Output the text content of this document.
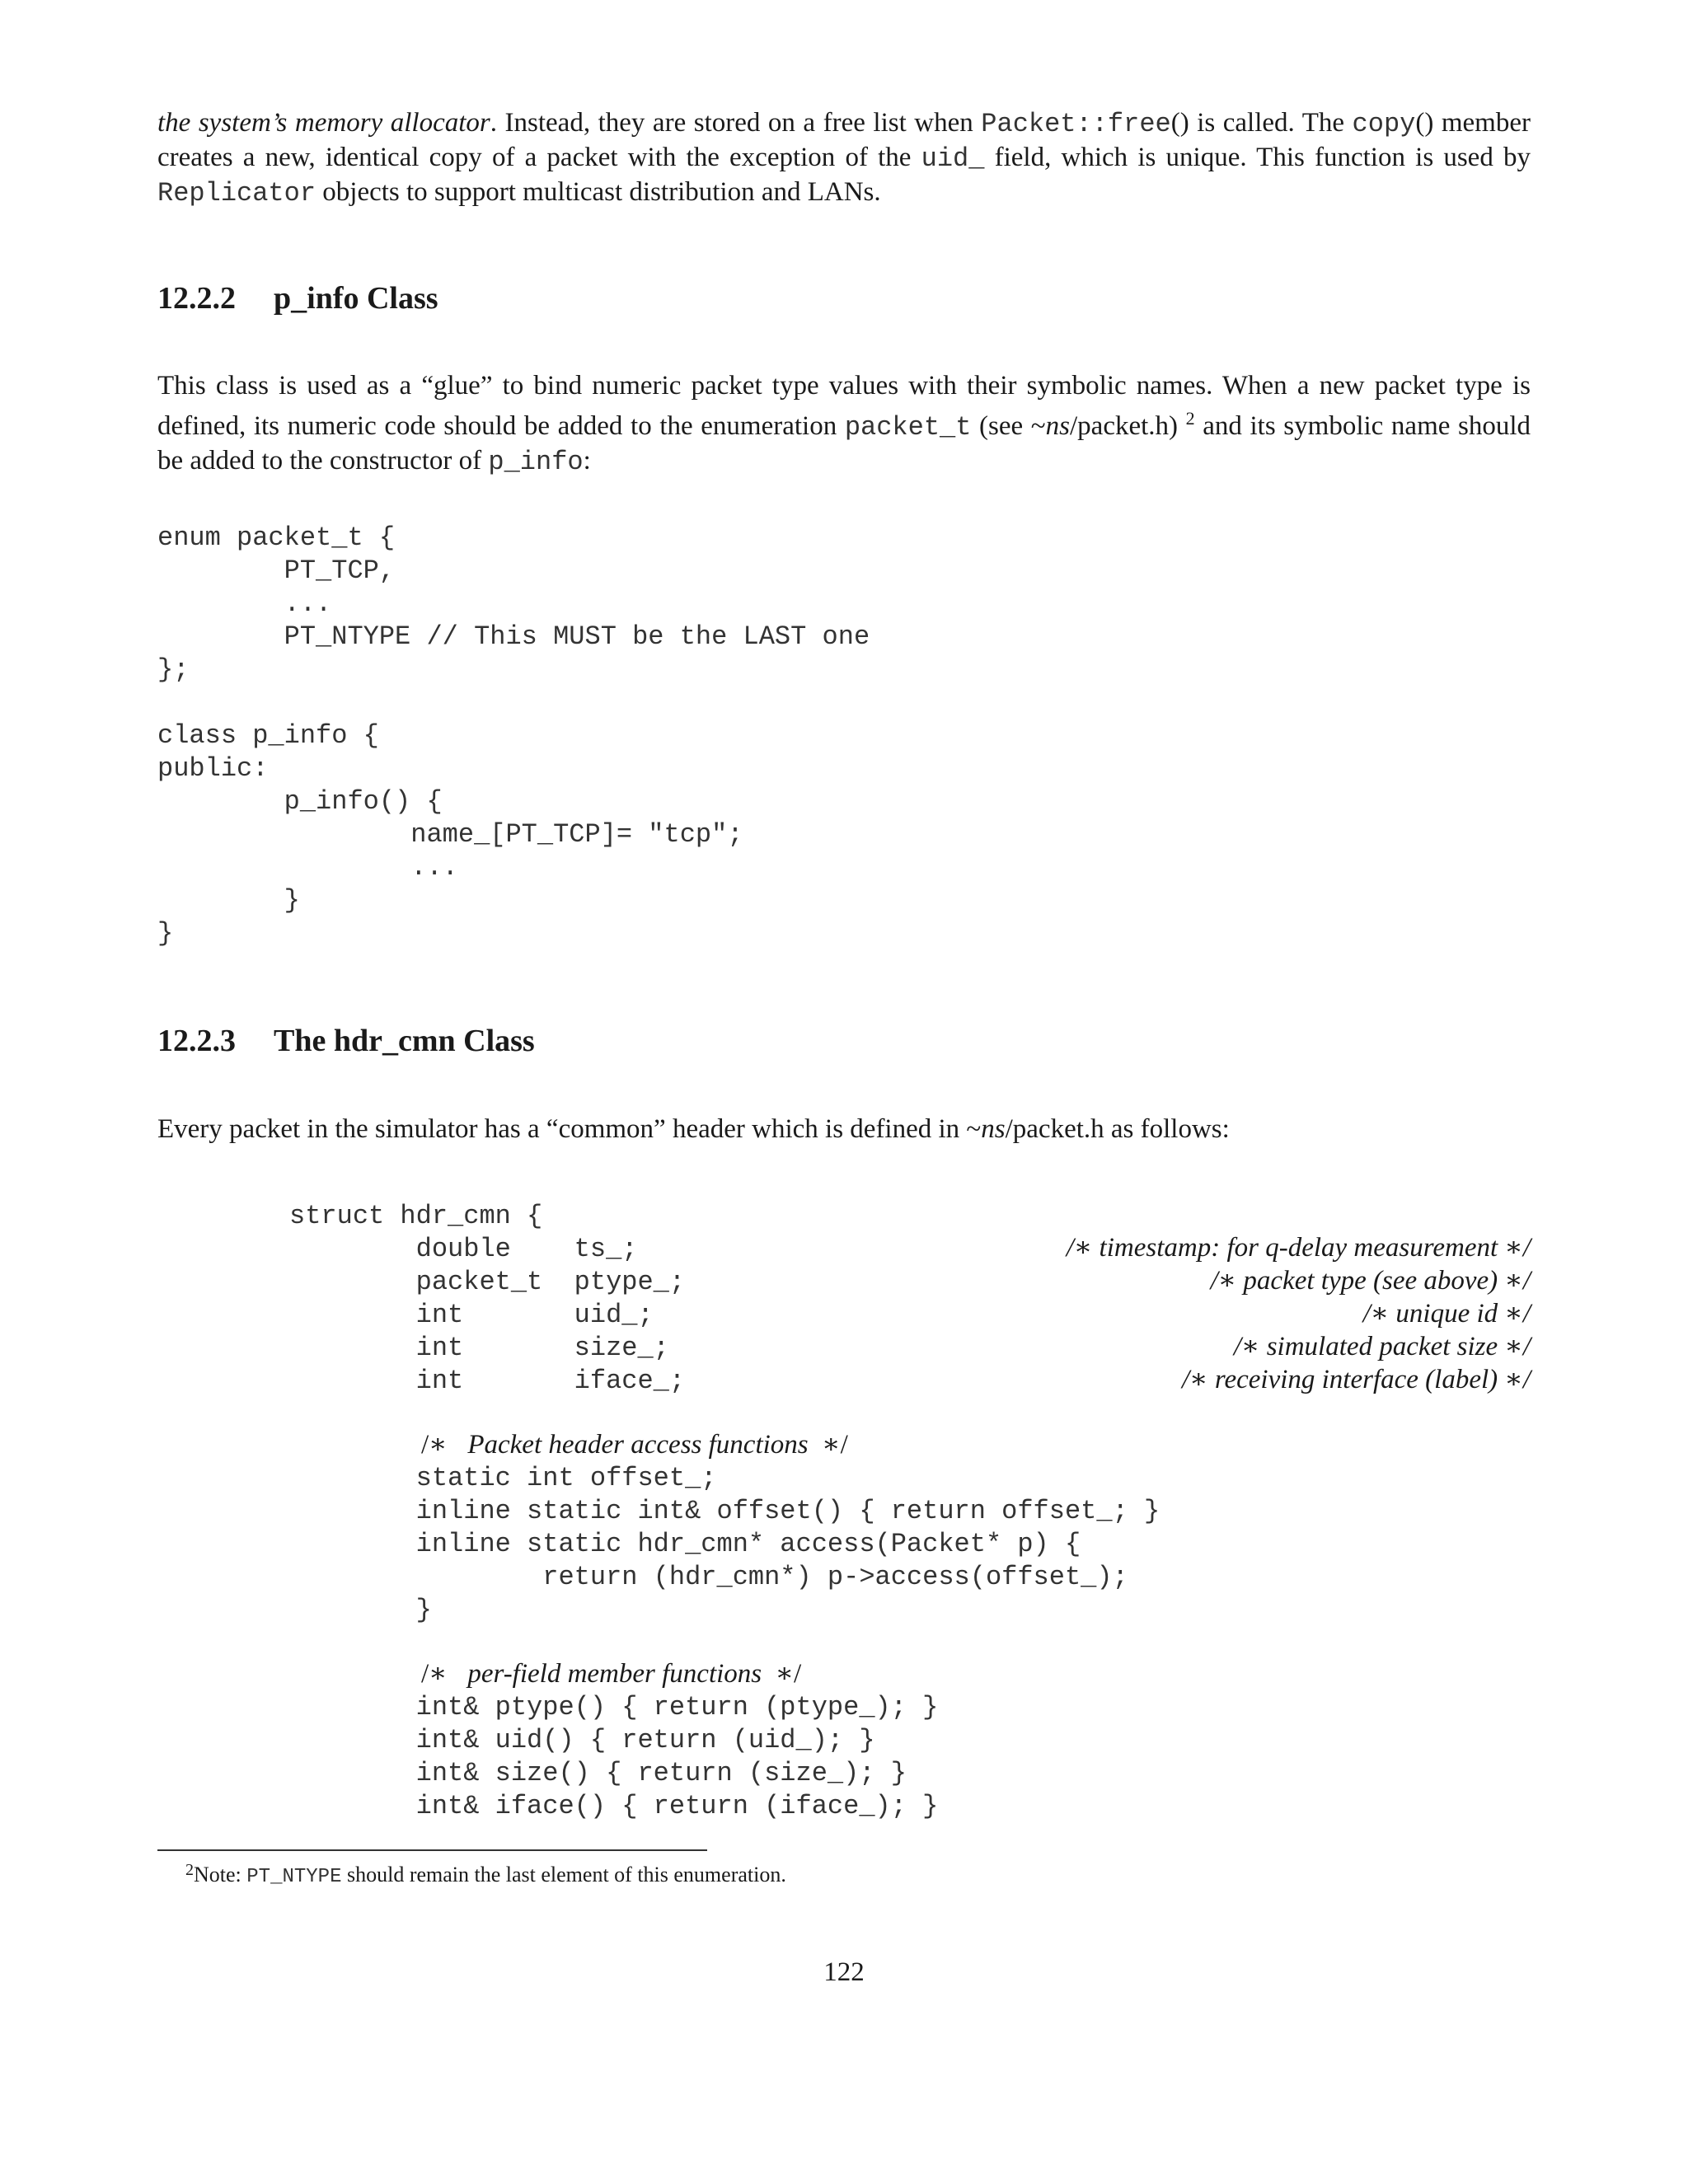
the system’s memory allocator. Instead, they are stored on a free list when Packet::free() is called. The copy() member creates a new, identical copy of a packet with the exception of the uid_ field, which is unique. This function is used by Replicator objects to support multicast distribution and LANs.

12.2.2 p_info Class

This class is used as a “glue” to bind numeric packet type values with their symbolic names. When a new packet type is defined, its numeric code should be added to the enumeration packet_t (see ~ns/packet.h) $^2$ and its symbolic name should be added to the constructor of p_info:

enum packet_t {
PT_TCP,
...
PT_NTYPE // This MUST be the LAST one
};
class p_info {
public:
p_info() {
name_[PT_TCP]= "tcp";
...
}
}
12.2.3 The hdr_cmn Class

Every packet in the simulator has a “common” header which is defined in ~ns/packet.h as follows:

struct hdr_cmn {
double    ts_;
packet_t  ptype_;
int       uid_;
int       size_;
int       iface_;
/∗ timestamp: for q-delay measurement ∗/
/∗ packet type (see above) ∗/
/∗ unique id ∗/
/∗ simulated packet size ∗/
/∗ receiving interface (label) ∗/
/∗ Packet header access functions ∗/
static int offset_;
inline static int& offset() { return offset_; }
inline static hdr_cmn* access(Packet* p) {
return (hdr_cmn*) p->access(offset_);
}
/∗ per-field member functions ∗/
int& ptype() { return (ptype_); }
int& uid() { return (uid_); }
int& size() { return (size_); }
int& iface() { return (iface_); }
$^2$Note: PT_NTYPE should remain the last element of this enumeration.
122
